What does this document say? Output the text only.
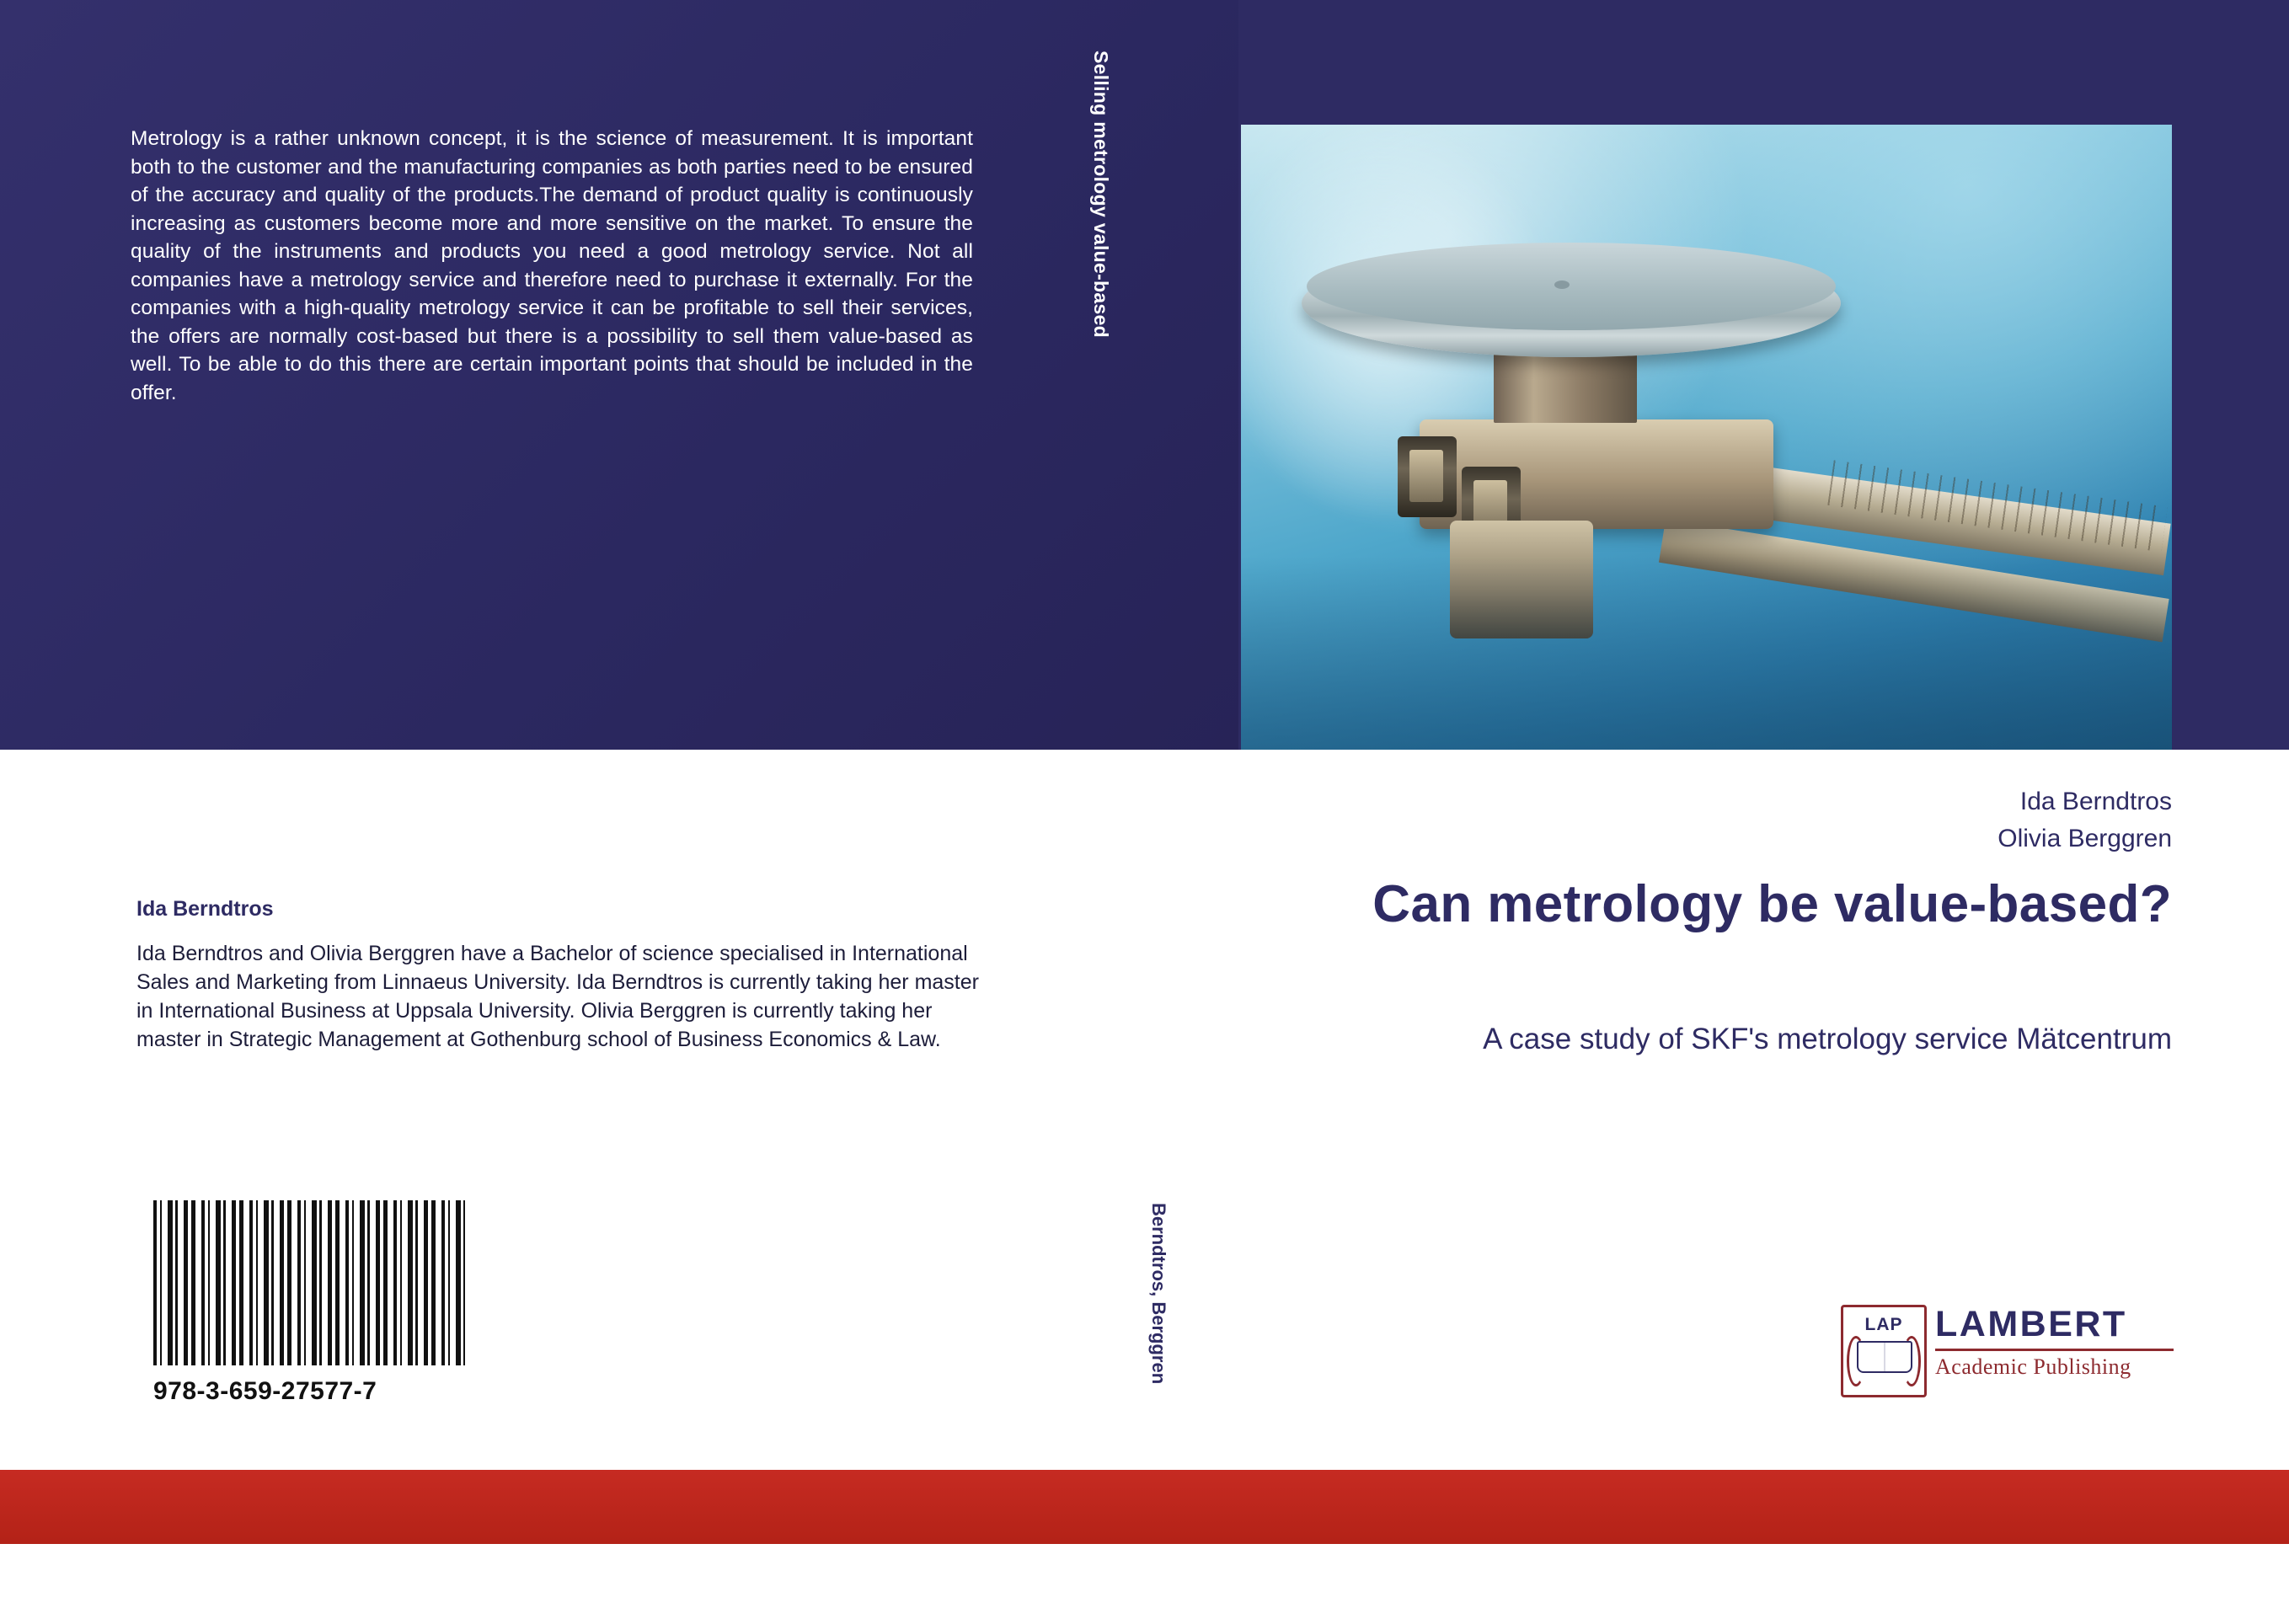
Metrology is a rather unknown concept, it is the science of measurement. It is important both to the customer and the manufacturing companies as both parties need to be ensured of the accuracy and quality of the products.The demand of product quality is continuously increasing as customers become more and more sensitive on the market. To ensure the quality of the instruments and products you need a good metrology service. Not all companies have a metrology service and therefore need to purchase it externally. For the companies with a high-quality metrology service it can be profitable to sell their services, the offers are normally cost-based but there is a possibility to sell them value-based as well. To be able to do this there are certain important points that should be included in the offer.
Selling metrology value-based
Berndtros, Berggren
Ida Berndtros
Olivia Berggren
Can metrology be value-based?
A case study of SKF's metrology service Mätcentrum
LAP LAMBERT
Academic Publishing
Ida Berndtros
Ida Berndtros and Olivia Berggren have a Bachelor of science specialised in International Sales and Marketing from Linnaeus University. Ida Berndtros is currently taking her master in International Business at Uppsala University. Olivia Berggren is currently taking her master in Strategic Management at Gothenburg school of Business Economics & Law.
978-3-659-27577-7
